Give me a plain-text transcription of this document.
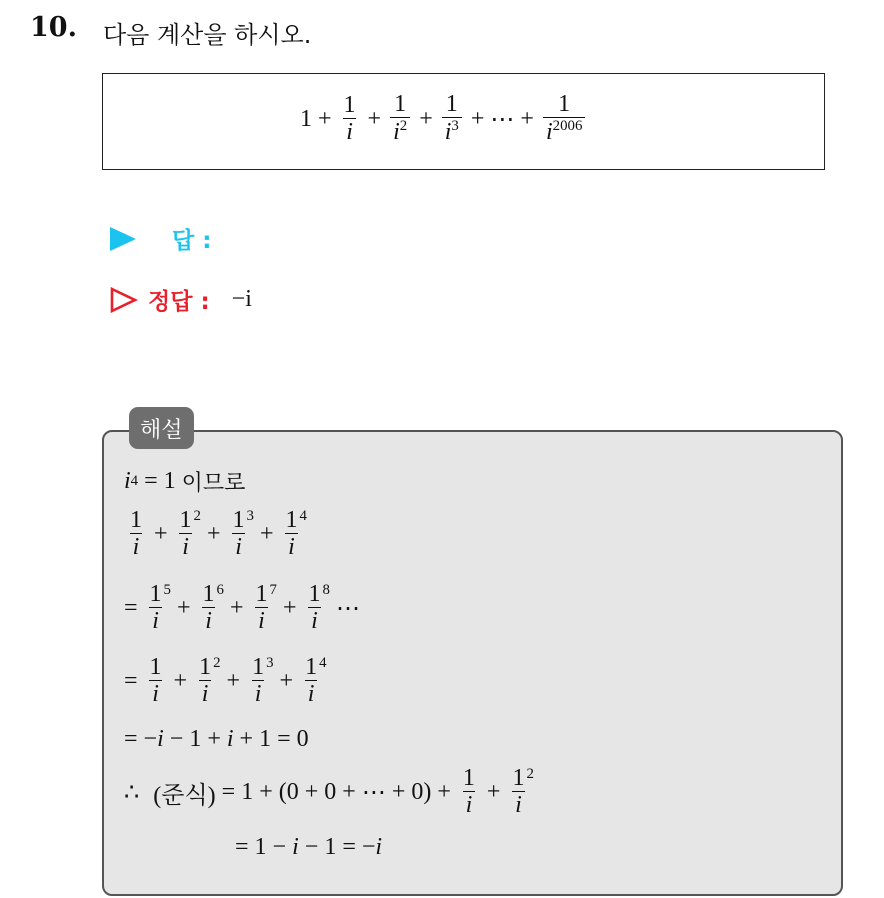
10. 다음 계산을 하시오.
$1 + \frac{1}{i} + \frac{1}{i^2} + \frac{1}{i^3}$ + ⋯ + $\frac{1}{i^{2006}}$
답 :
정답 : −i
해설
i 4 = 1 이므로
$\frac{1}{i} + \frac{1}{i}^2$
+ $\frac{1}{i}^3$
+ $\frac{1}{i}^4$
= $\frac{1}{i}^5$
+ $\frac{1}{i}^6$
+ $\frac{1}{i}^7$
+ $\frac{1}{i}^8$
⋯
= $\frac{1}{i} + \frac{1}{i}^2$
+ $\frac{1}{i}^3$
+ $\frac{1}{i}^4$
= − i − 1 + i + 1 = 0
∴ (준식) = 1 + (0 + 0 + ⋯ + $0) + \frac{1}{i} + \frac{1}{i}^2$
= 1 − i − 1 = − i
